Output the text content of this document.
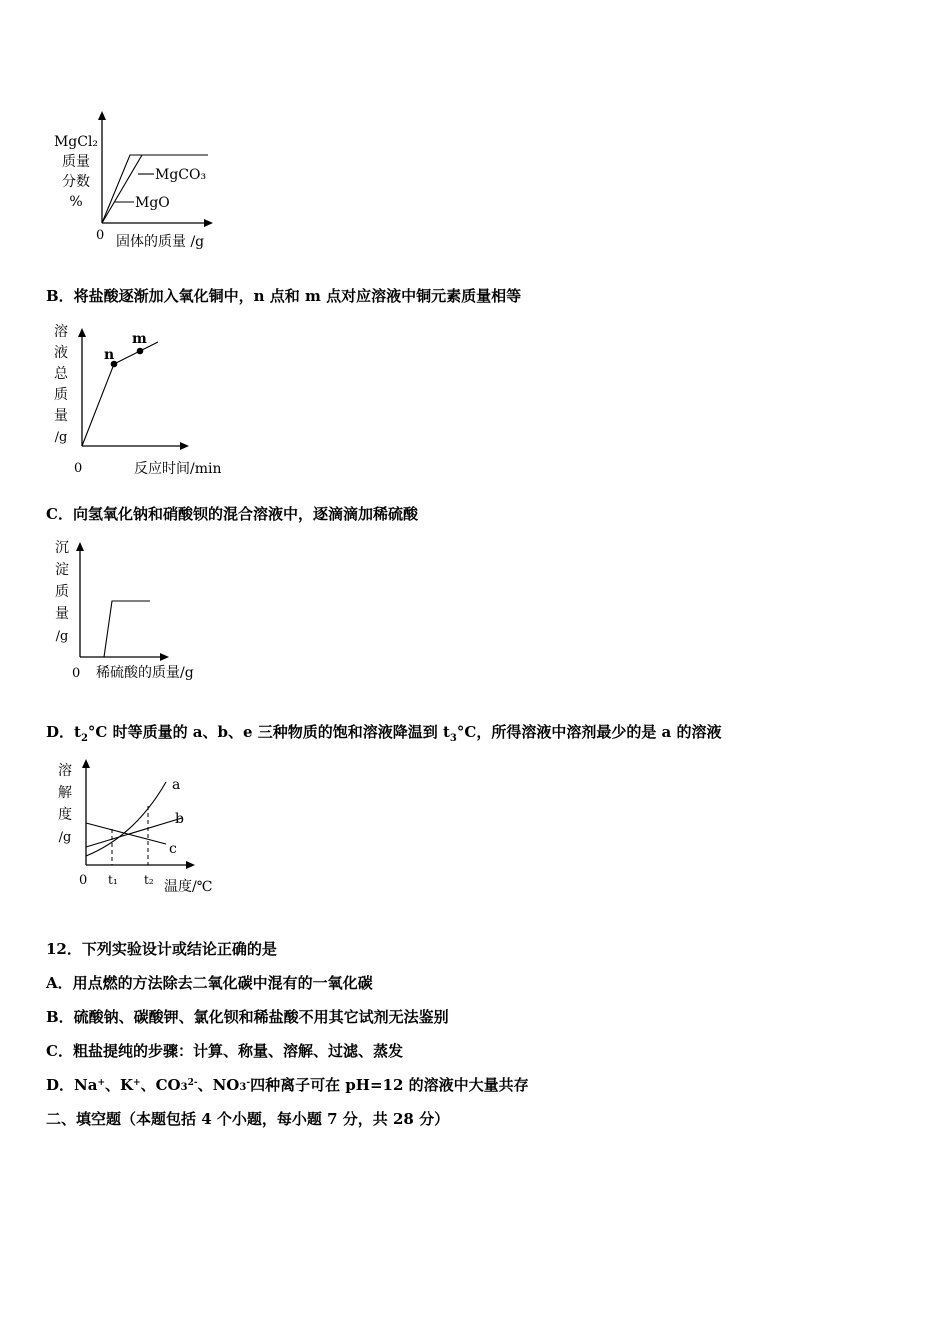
MgCl₂
质量
分数
%
MgCO₃
MgO
0 固体的质量 /g

B．将盐酸逐渐加入氧化铜中，n 点和 m 点对应溶液中铜元素质量相等

n
m
溶
液
总
质
量
/g
0	反应时间/min

C．向氢氧化钠和硝酸钡的混合溶液中，逐滴滴加稀硫酸

沉
淀
质
量
/g
0 稀硫酸的质量/g

D．$t_2^\circ C$ 时等质量的 a、b、e 三种物质的饱和溶液降温到 $t_3^\circ C$，所得溶液中溶剂最少的是 a 的溶液

a
b
c
溶
解
度
/g
0 t₁ t₂ 温度/℃

12．下列实验设计或结论正确的是

A．用点燃的方法除去二氧化碳中混有的一氧化碳

B．硫酸钠、碳酸钾、氯化钡和稀盐酸不用其它试剂无法鉴别

C．粗盐提纯的步骤：计算、称量、溶解、过滤、蒸发

D．Na+、K+、$CO3^{2-}$、NO3-四种离子可在 pH=12 的溶液中大量共存

二、填空题（本题包括 4 个小题，每小题 7 分，共 28 分）
